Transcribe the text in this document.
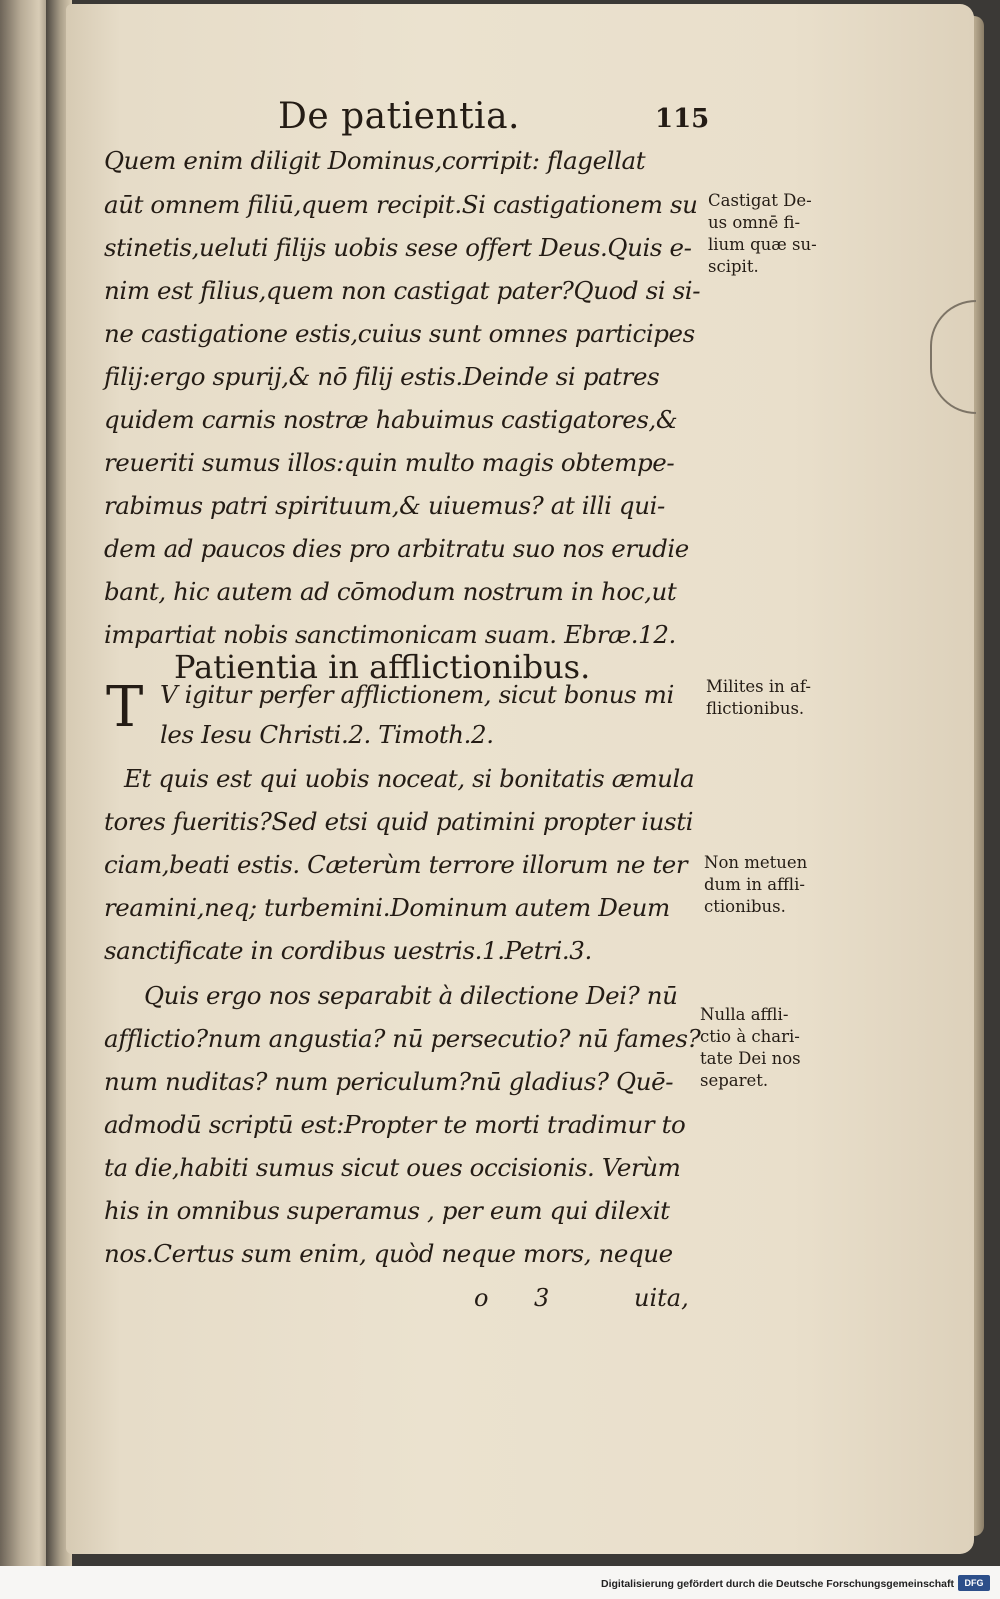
De patientia.	115
Quem enim diligit Dominus,corripit: flagellat
aūt omnem filiū,quem recipit.Si castigationem su
stinetis,ueluti filijs uobis sese offert Deus.Quis e-
nim est filius,quem non castigat pater?Quod si si-
ne castigatione estis,cuius sunt omnes participes
filij:ergo spurij,& nō filij estis.Deinde si patres
quidem carnis nostræ habuimus castigatores,&
reueriti sumus illos:quin multo magis obtempe-
rabimus patri spirituum,& uiuemus? at illi qui-
dem ad paucos dies pro arbitratu suo nos erudie
bant, hic autem ad cōmodum nostrum in hoc,ut
impartiat nobis sanctimonicam suam. Ebræ.12.
Patientia in afflictionibus.
T V igitur perfer afflictionem, sicut bonus mi
les Iesu Christi.2. Timoth.2.
Et quis est qui uobis noceat, si bonitatis æmula
tores fueritis?Sed etsi quid patimini propter iusti
ciam,beati estis. Cæterùm terrore illorum ne ter
reamini,neq; turbemini.Dominum autem Deum
sanctificate in cordibus uestris.1.Petri.3.
Quis ergo nos separabit à dilectione Dei? nū
afflictio?num angustia? nū persecutio? nū fames?
num nuditas? num periculum?nū gladius? Quē-
admodū scriptū est:Propter te morti tradimur to
ta die,habiti sumus sicut oues occisionis. Verùm
his in omnibus superamus , per eum qui dilexit
nos.Certus sum enim, quòd neque mors, neque
o 3	uita,
Castigat De-
us omnē fi-
lium quæ su-
scipit.
Milites in af-
flictionibus.
Non metuen
dum in affli-
ctionibus.
Nulla affli-
ctio à chari-
tate Dei nos
separet.
Digitalisierung gefördert durch die Deutsche Forschungsgemeinschaft	DFG
